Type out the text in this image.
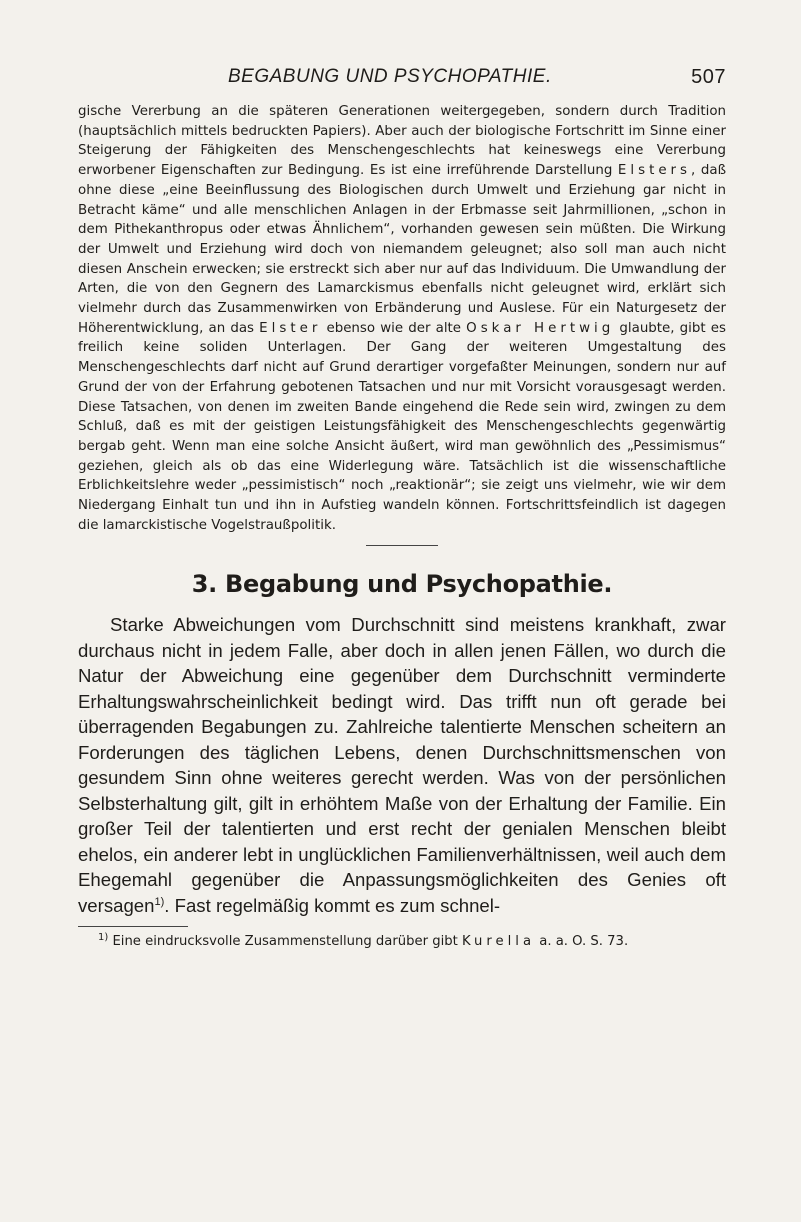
BEGABUNG UND PSYCHOPATHIE.	507

gische Vererbung an die späteren Generationen weitergegeben, sondern durch Tradition (hauptsächlich mittels bedruckten Papiers). Aber auch der biologische Fortschritt im Sinne einer Steigerung der Fähigkeiten des Menschengeschlechts hat keineswegs eine Vererbung erworbener Eigenschaften zur Bedingung. Es ist eine irreführende Darstellung Elsters, daß ohne diese „eine Beeinflussung des Biologischen durch Umwelt und Erziehung gar nicht in Betracht käme“ und alle menschlichen Anlagen in der Erbmasse seit Jahrmillionen, „schon in dem Pithekanthropus oder etwas Ähnlichem“, vorhanden gewesen sein müßten. Die Wirkung der Umwelt und Erziehung wird doch von niemandem geleugnet; also soll man auch nicht diesen Anschein erwecken; sie erstreckt sich aber nur auf das Individuum. Die Umwandlung der Arten, die von den Gegnern des Lamarckismus ebenfalls nicht geleugnet wird, erklärt sich vielmehr durch das Zusammenwirken von Erbänderung und Auslese. Für ein Naturgesetz der Höherentwicklung, an das Elster ebenso wie der alte Oskar Hertwig glaubte, gibt es freilich keine soliden Unterlagen. Der Gang der weiteren Umgestaltung des Menschengeschlechts darf nicht auf Grund derartiger vorgefaßter Meinungen, sondern nur auf Grund der von der Erfahrung gebotenen Tatsachen und nur mit Vorsicht vorausgesagt werden. Diese Tatsachen, von denen im zweiten Bande eingehend die Rede sein wird, zwingen zu dem Schluß, daß es mit der geistigen Leistungsfähigkeit des Menschengeschlechts gegenwärtig bergab geht. Wenn man eine solche Ansicht äußert, wird man gewöhnlich des „Pessimismus“ geziehen, gleich als ob das eine Widerlegung wäre. Tatsächlich ist die wissenschaftliche Erblichkeitslehre weder „pessimistisch“ noch „reaktionär“; sie zeigt uns vielmehr, wie wir dem Niedergang Einhalt tun und ihn in Aufstieg wandeln können. Fortschrittsfeindlich ist dagegen die lamarckistische Vogelstraußpolitik.

3. Begabung und Psychopathie.

Starke Abweichungen vom Durchschnitt sind meistens krankhaft, zwar durchaus nicht in jedem Falle, aber doch in allen jenen Fällen, wo durch die Natur der Abweichung eine gegenüber dem Durchschnitt verminderte Erhaltungswahrscheinlichkeit bedingt wird. Das trifft nun oft gerade bei überragenden Begabungen zu. Zahlreiche talentierte Menschen scheitern an Forderungen des täglichen Lebens, denen Durchschnittsmenschen von gesundem Sinn ohne weiteres gerecht werden. Was von der persönlichen Selbsterhaltung gilt, gilt in erhöhtem Maße von der Erhaltung der Familie. Ein großer Teil der talentierten und erst recht der genialen Menschen bleibt ehelos, ein anderer lebt in unglücklichen Familienverhältnissen, weil auch dem Ehegemahl gegenüber die Anpassungsmöglichkeiten des Genies oft versagen$^{1)}$. Fast regelmäßig kommt es zum schnel-

$^{1)}$ Eine eindrucksvolle Zusammenstellung darüber gibt Kurella a. a. O. S. 73.
